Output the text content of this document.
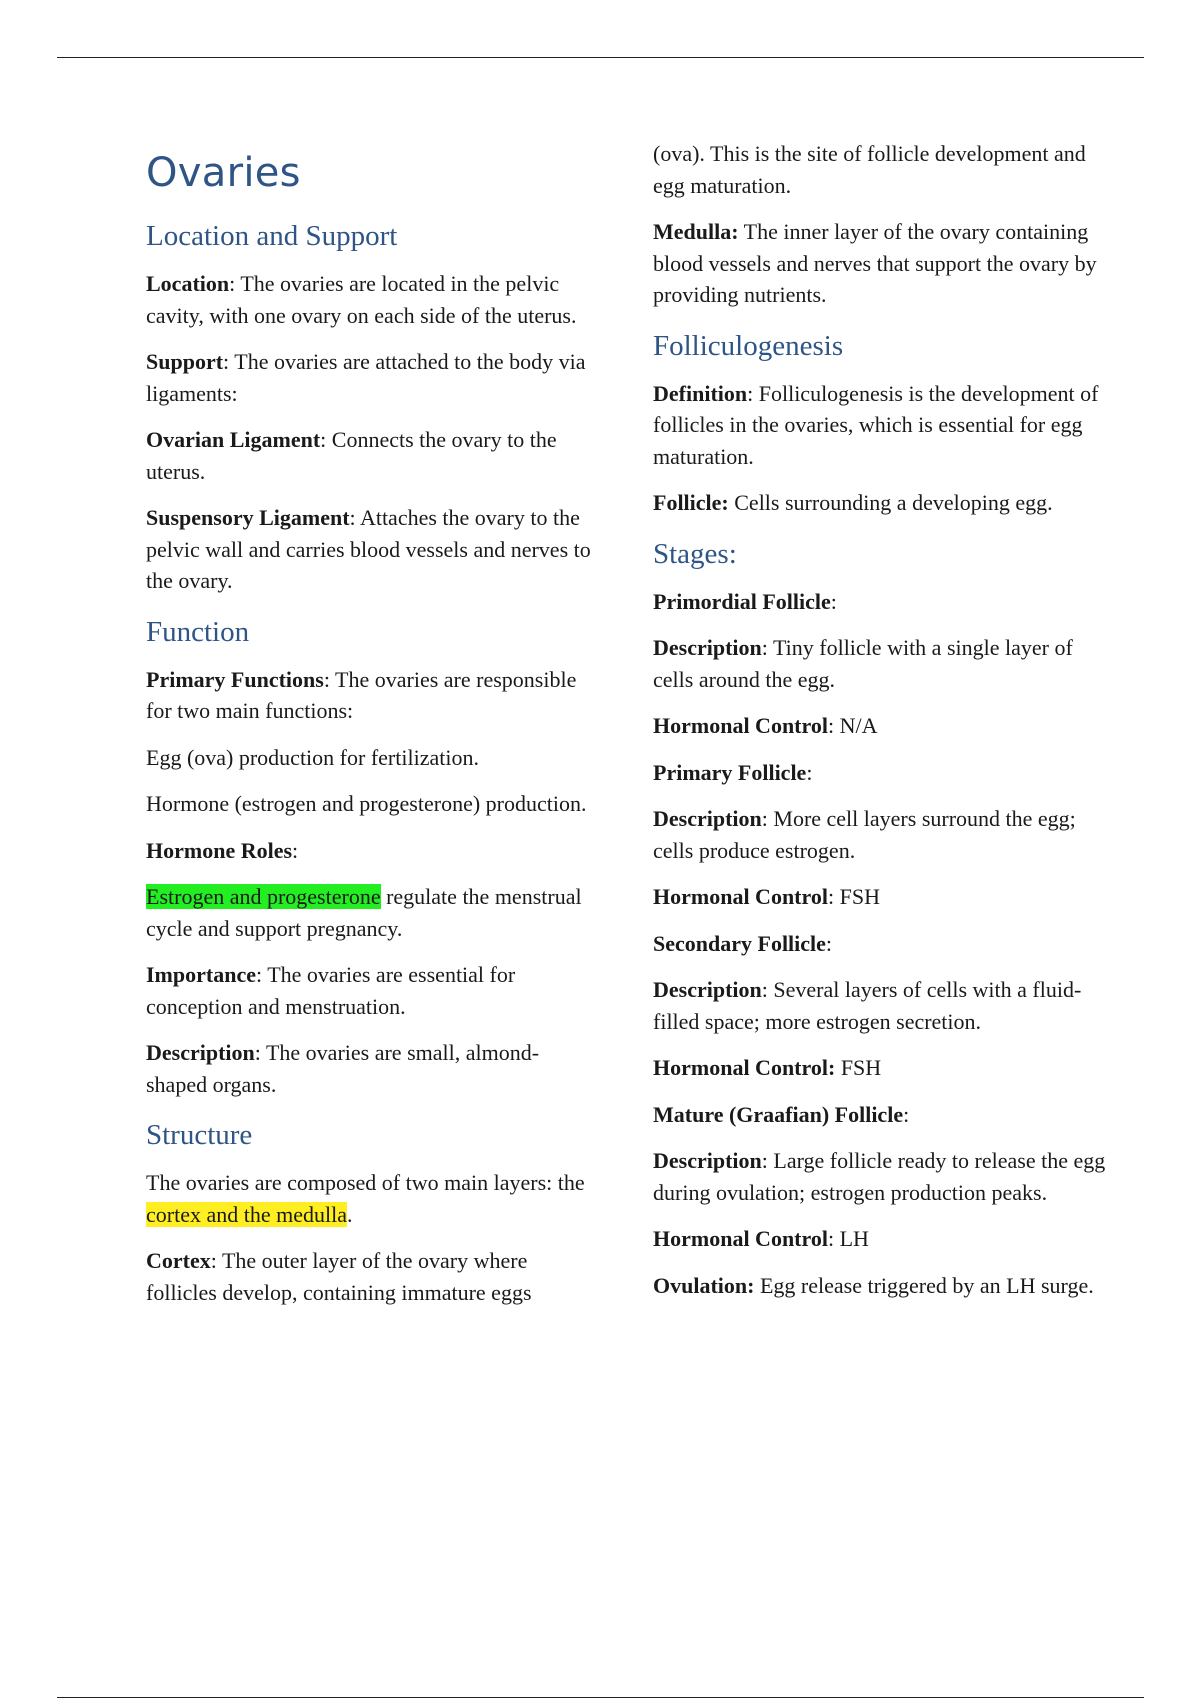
Ovaries
Location and Support

Location: The ovaries are located in the pelvic cavity, with one ovary on each side of the uterus.

Support: The ovaries are attached to the body via ligaments:

Ovarian Ligament: Connects the ovary to the uterus.

Suspensory Ligament: Attaches the ovary to the pelvic wall and carries blood vessels and nerves to the ovary.

Function

Primary Functions: The ovaries are responsible for two main functions:

Egg (ova) production for fertilization.

Hormone (estrogen and progesterone) production.

Hormone Roles:

Estrogen and progesterone regulate the menstrual cycle and support pregnancy.

Importance: The ovaries are essential for conception and menstruation.

Description: The ovaries are small, almond-shaped organs.

Structure

The ovaries are composed of two main layers: the cortex and the medulla.

Cortex: The outer layer of the ovary where follicles develop, containing immature eggs

(ova). This is the site of follicle development and egg maturation.

Medulla: The inner layer of the ovary containing blood vessels and nerves that support the ovary by providing nutrients.

Folliculogenesis

Definition: Folliculogenesis is the development of follicles in the ovaries, which is essential for egg maturation.

Follicle: Cells surrounding a developing egg.

Stages:

Primordial Follicle:

Description: Tiny follicle with a single layer of cells around the egg.

Hormonal Control: N/A

Primary Follicle:

Description: More cell layers surround the egg; cells produce estrogen.

Hormonal Control: FSH

Secondary Follicle:

Description: Several layers of cells with a fluid-filled space; more estrogen secretion.

Hormonal Control: FSH

Mature (Graafian) Follicle:

Description: Large follicle ready to release the egg during ovulation; estrogen production peaks.

Hormonal Control: LH

Ovulation: Egg release triggered by an LH surge.
